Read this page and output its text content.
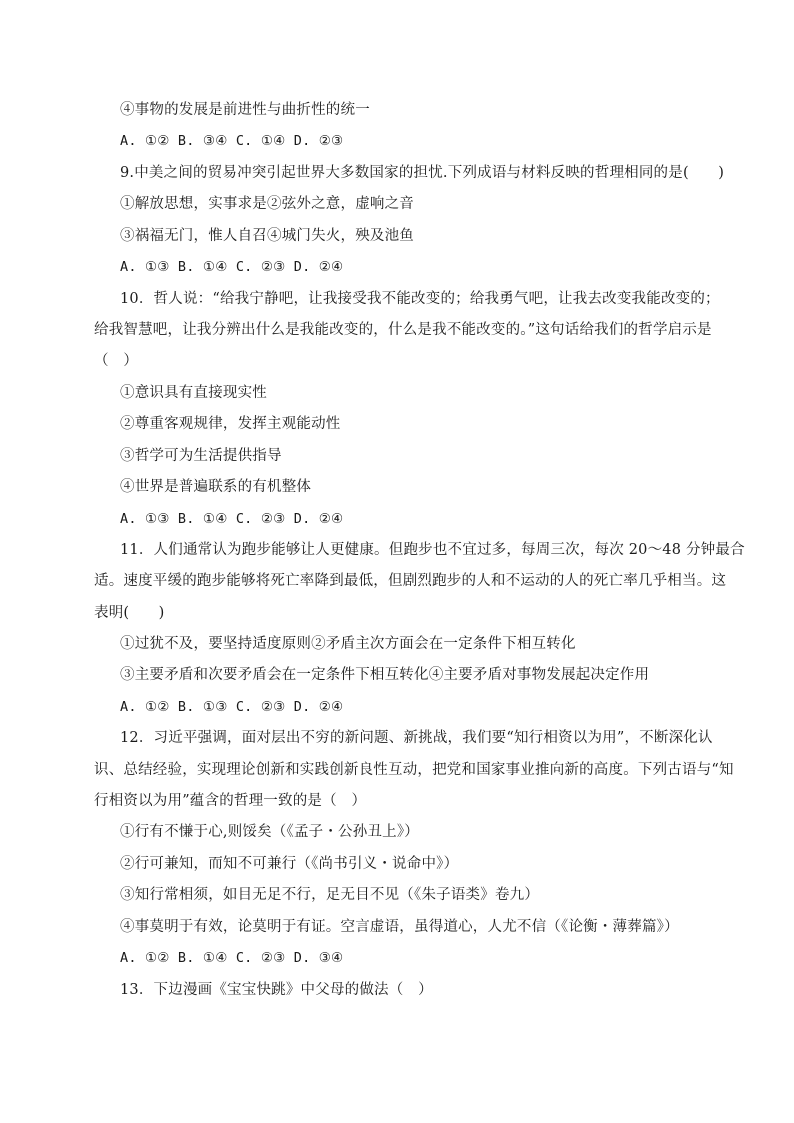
④事物的发展是前进性与曲折性的统一
A. ①② B. ③④ C. ①④ D. ②③
9.中美之间的贸易冲突引起世界大多数国家的担忧.下列成语与材料反映的哲理相同的是(　　)
①解放思想，实事求是②弦外之意，虚响之音
③祸福无门，惟人自召④城门失火，殃及池鱼
A. ①③ B. ①④ C. ②③ D. ②④
10．哲人说：“给我宁静吧，让我接受我不能改变的；给我勇气吧，让我去改变我能改变的；
给我智慧吧，让我分辨出什么是我能改变的，什么是我不能改变的。”这句话给我们的哲学启示是
（　）
①意识具有直接现实性
②尊重客观规律，发挥主观能动性
③哲学可为生活提供指导
④世界是普遍联系的有机整体
A. ①③ B. ①④ C. ②③ D. ②④
11．人们通常认为跑步能够让人更健康。但跑步也不宜过多，每周三次，每次 20～48 分钟最合
适。速度平缓的跑步能够将死亡率降到最低，但剧烈跑步的人和不运动的人的死亡率几乎相当。这
表明(　　)
①过犹不及，要坚持适度原则②矛盾主次方面会在一定条件下相互转化
③主要矛盾和次要矛盾会在一定条件下相互转化④主要矛盾对事物发展起决定作用
A. ①② B. ①③ C. ②③ D. ②④
12．习近平强调，面对层出不穷的新问题、新挑战，我们要“知行相资以为用”，不断深化认
识、总结经验，实现理论创新和实践创新良性互动，把党和国家事业推向新的高度。下列古语与“知
行相资以为用”蕴含的哲理一致的是（　）
①行有不慊于心,则馁矣（《孟子・公孙丑上》）
②行可兼知，而知不可兼行（《尚书引义・说命中》）
③知行常相须，如目无足不行，足无目不见（《朱子语类》卷九）
④事莫明于有效，论莫明于有证。空言虚语，虽得道心，人尤不信（《论衡・薄葬篇》）
A. ①② B. ①④ C. ②③ D. ③④
13．下边漫画《宝宝快跳》中父母的做法（　）
